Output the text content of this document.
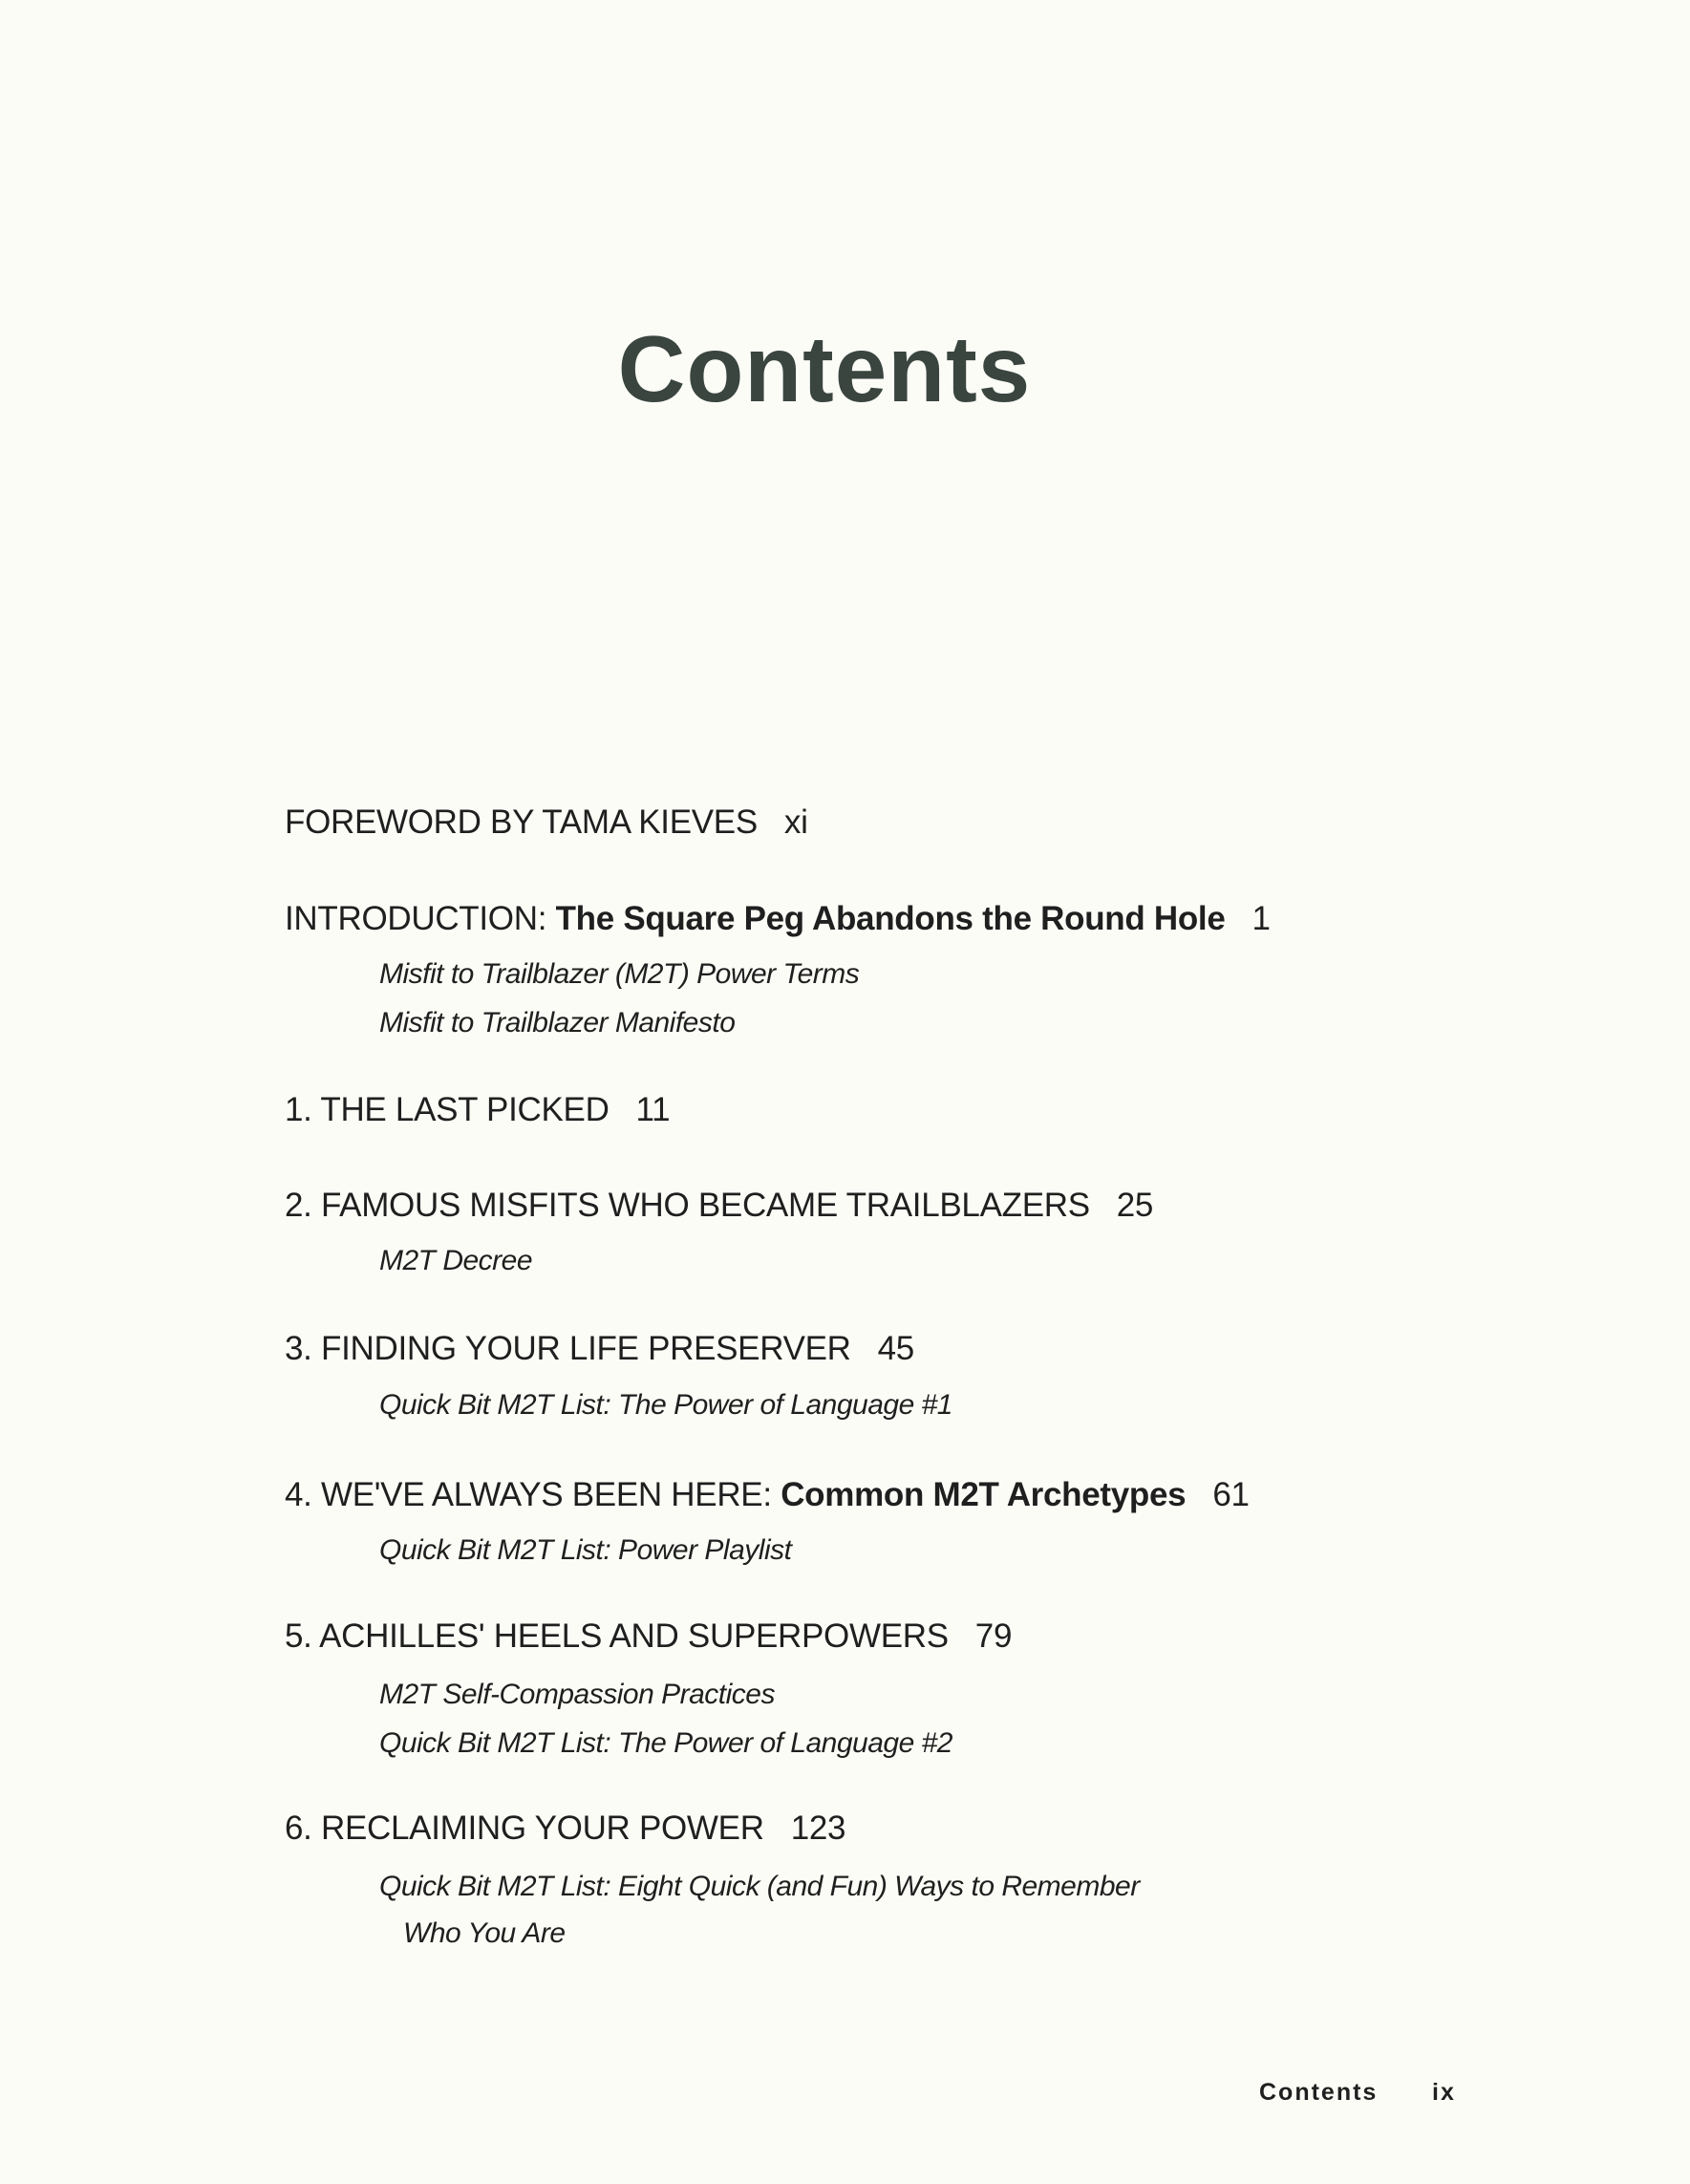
Contents
FOREWORD BY TAMA KIEVES xi
INTRODUCTION: The Square Peg Abandons the Round Hole 1
Misfit to Trailblazer (M2T) Power Terms
Misfit to Trailblazer Manifesto
1. THE LAST PICKED 11
2. FAMOUS MISFITS WHO BECAME TRAILBLAZERS 25
M2T Decree
3. FINDING YOUR LIFE PRESERVER 45
Quick Bit M2T List: The Power of Language #1
4. WE'VE ALWAYS BEEN HERE: Common M2T Archetypes 61
Quick Bit M2T List: Power Playlist
5. ACHILLES' HEELS AND SUPERPOWERS 79
M2T Self-Compassion Practices
Quick Bit M2T List: The Power of Language #2
6. RECLAIMING YOUR POWER 123
Quick Bit M2T List: Eight Quick (and Fun) Ways to Remember
Who You Are
Contents ix
